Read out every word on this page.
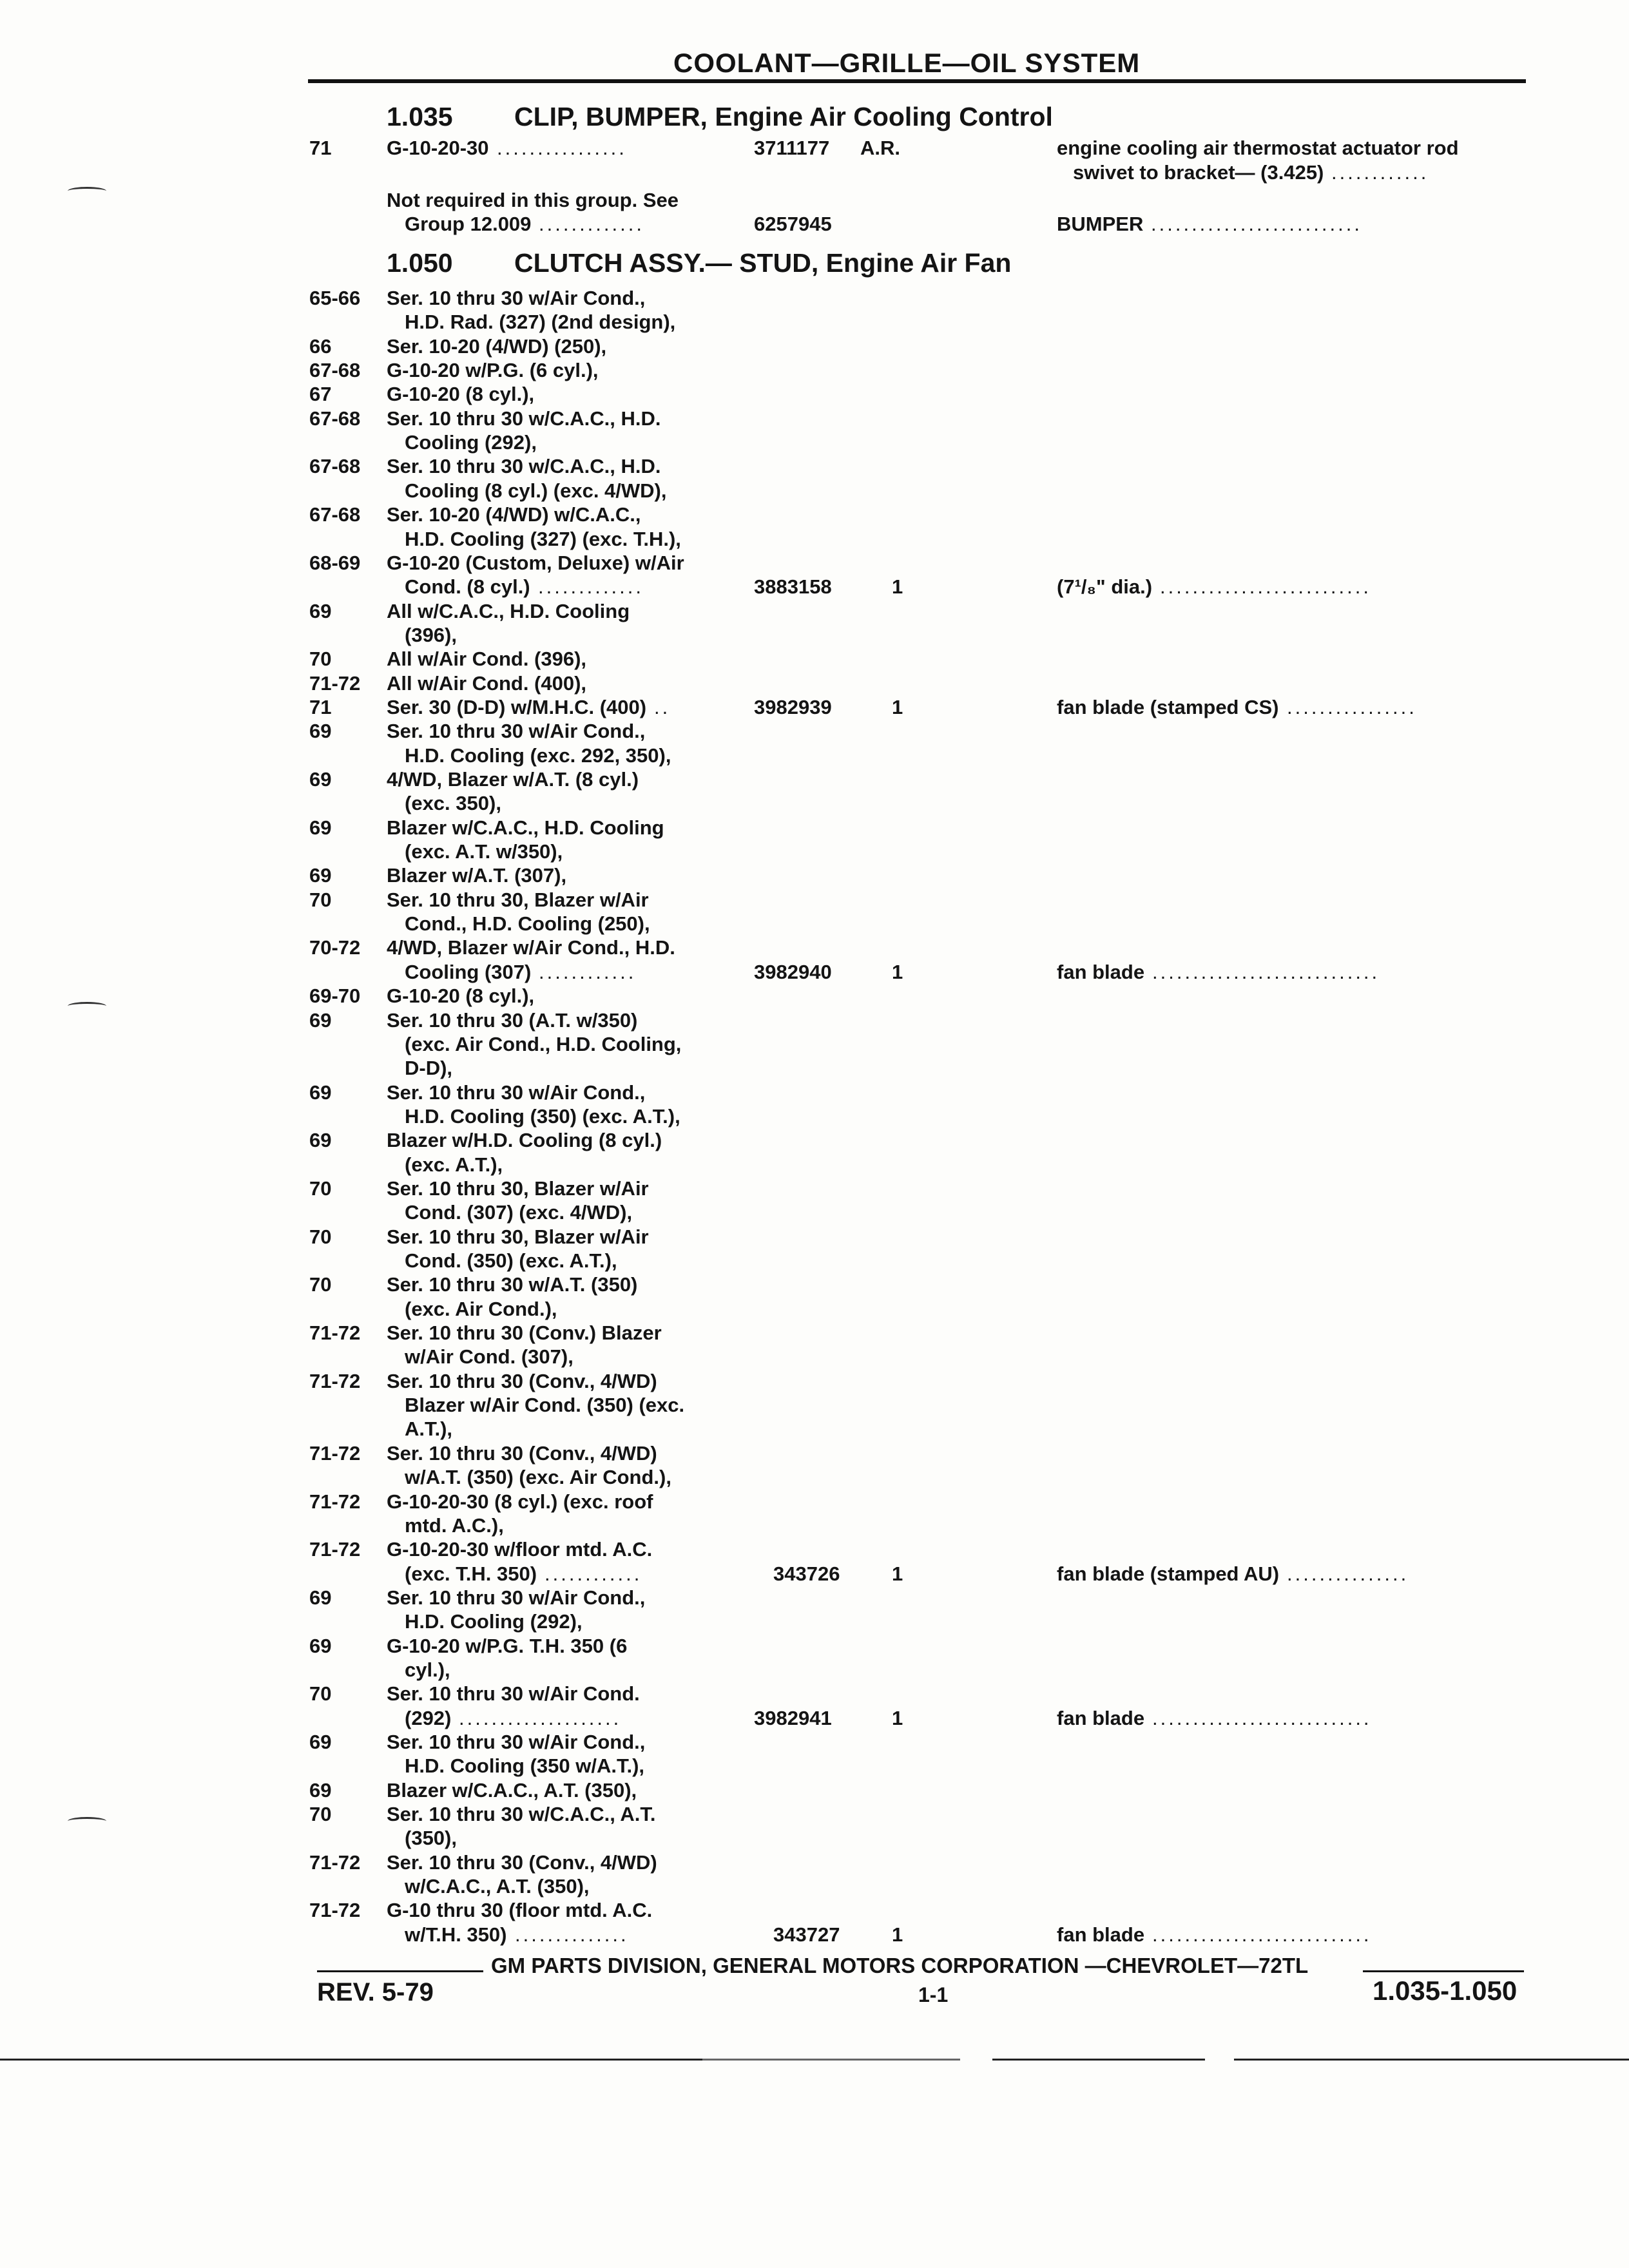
COOLANT—GRILLE—OIL SYSTEM
1.035 CLIP, BUMPER, Engine Air Cooling Control
1.050 CLUTCH ASSY.— STUD, Engine Air Fan
71	G-10-20-30 ................	3711177 A.R.	engine cooling air thermostat actuator rod
swivet to bracket— (3.425) ............
Not required in this group. See
Group 12.009 .............	6257945	BUMPER ..........................
65-66 Ser. 10 thru 30 w/Air Cond.,
H.D. Rad. (327) (2nd design),
66	Ser. 10-20 (4/WD) (250),
67-68 G-10-20 w/P.G. (6 cyl.),
67	G-10-20 (8 cyl.),
67-68 Ser. 10 thru 30 w/C.A.C., H.D.
Cooling (292),
67-68 Ser. 10 thru 30 w/C.A.C., H.D.
Cooling (8 cyl.) (exc. 4/WD),
67-68 Ser. 10-20 (4/WD) w/C.A.C.,
H.D. Cooling (327) (exc. T.H.),
68-69 G-10-20 (Custom, Deluxe) w/Air
Cond. (8 cyl.) .............	3883158	1	(7¹/₈" dia.) ..........................
69	All w/C.A.C., H.D. Cooling
(396),
70	All w/Air Cond. (396),
71-72 All w/Air Cond. (400),
71	Ser. 30 (D-D) w/M.H.C. (400) ..	3982939	1	fan blade (stamped CS) ................
69	Ser. 10 thru 30 w/Air Cond.,
H.D. Cooling (exc. 292, 350),
69	4/WD, Blazer w/A.T. (8 cyl.)
(exc. 350),
69	Blazer w/C.A.C., H.D. Cooling
(exc. A.T. w/350),
69	Blazer w/A.T. (307),
70	Ser. 10 thru 30, Blazer w/Air
Cond., H.D. Cooling (250),
70-72 4/WD, Blazer w/Air Cond., H.D.
Cooling (307) ............	3982940	1	fan blade ............................
69-70 G-10-20 (8 cyl.),
69	Ser. 10 thru 30 (A.T. w/350)
(exc. Air Cond., H.D. Cooling,
D-D),
69	Ser. 10 thru 30 w/Air Cond.,
H.D. Cooling (350) (exc. A.T.),
69	Blazer w/H.D. Cooling (8 cyl.)
(exc. A.T.),
70	Ser. 10 thru 30, Blazer w/Air
Cond. (307) (exc. 4/WD),
70	Ser. 10 thru 30, Blazer w/Air
Cond. (350) (exc. A.T.),
70	Ser. 10 thru 30 w/A.T. (350)
(exc. Air Cond.),
71-72 Ser. 10 thru 30 (Conv.) Blazer
w/Air Cond. (307),
71-72 Ser. 10 thru 30 (Conv., 4/WD)
Blazer w/Air Cond. (350) (exc.
A.T.),
71-72 Ser. 10 thru 30 (Conv., 4/WD)
w/A.T. (350) (exc. Air Cond.),
71-72 G-10-20-30 (8 cyl.) (exc. roof
mtd. A.C.),
71-72 G-10-20-30 w/floor mtd. A.C.
(exc. T.H. 350) ............	343726	1	fan blade (stamped AU) ...............
69	Ser. 10 thru 30 w/Air Cond.,
H.D. Cooling (292),
69	G-10-20 w/P.G. T.H. 350 (6
cyl.),
70	Ser. 10 thru 30 w/Air Cond.
(292) ....................	3982941	1	fan blade ...........................
69	Ser. 10 thru 30 w/Air Cond.,
H.D. Cooling (350 w/A.T.),
69	Blazer w/C.A.C., A.T. (350),
70	Ser. 10 thru 30 w/C.A.C., A.T.
(350),
71-72 Ser. 10 thru 30 (Conv., 4/WD)
w/C.A.C., A.T. (350),
71-72 G-10 thru 30 (floor mtd. A.C.
w/T.H. 350) ..............	343727	1	fan blade ...........................
GM PARTS DIVISION, GENERAL MOTORS CORPORATION —CHEVROLET—72TL
REV. 5-79	1-1	1.035-1.050
